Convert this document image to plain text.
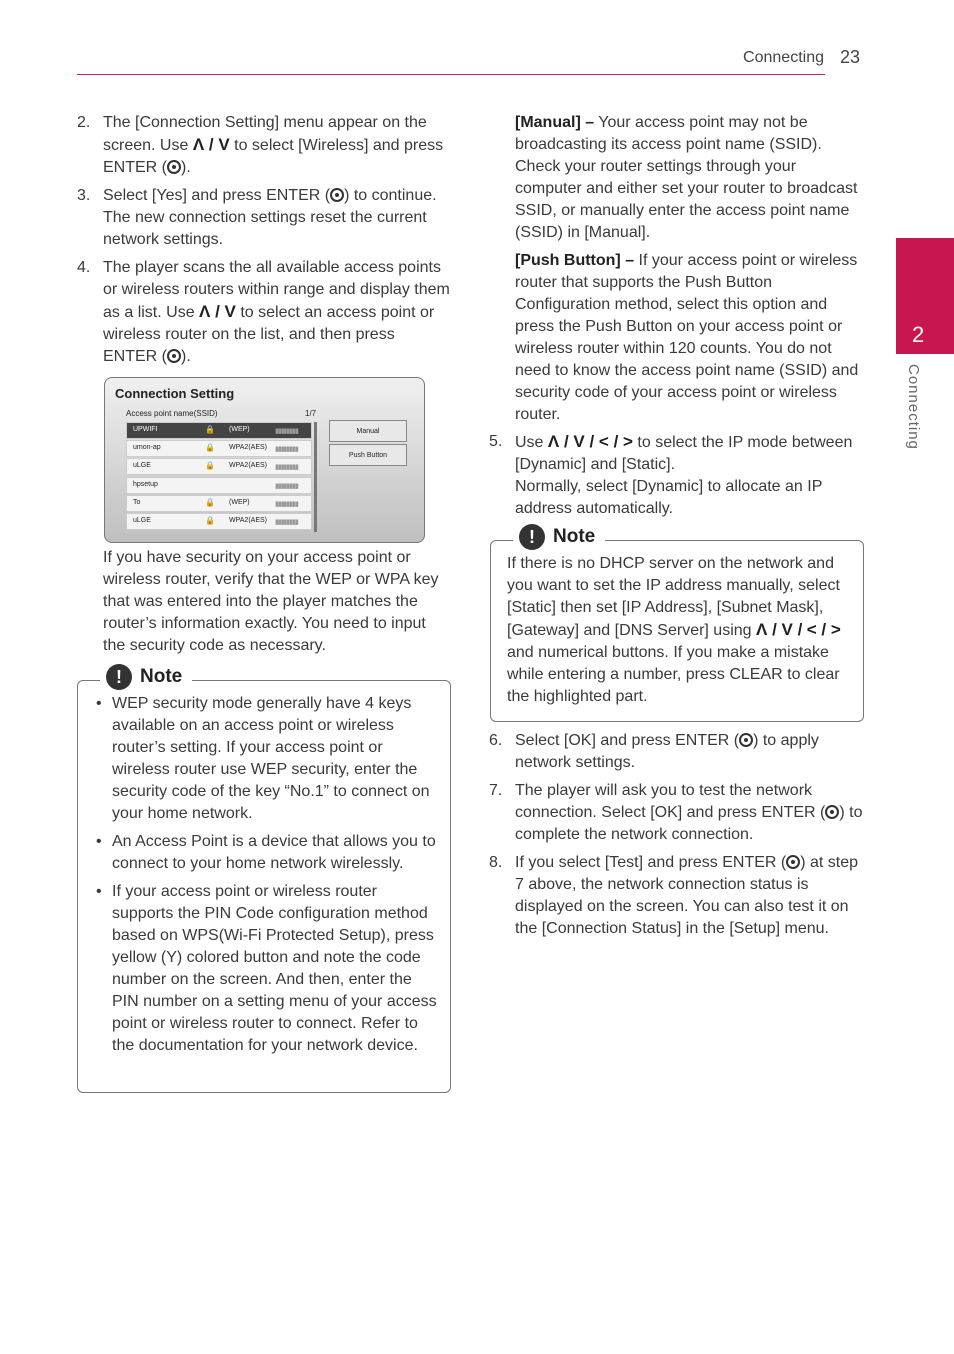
Connecting 23
2
Connecting
2. The [Connection Setting] menu appear on the screen. Use Λ / V to select [Wireless] and press ENTER ( ).
3. Select [Yes] and press ENTER ( ) to continue. The new connection settings reset the current network settings.
4. The player scans the all available access points or wireless routers within range and display them as a list. Use Λ / V to select an access point or wireless router on the list, and then press ENTER ( ).
Connection Setting
Access point name(SSID)	1/7
UPWIFI	🔒 (WEP)	▮▮▮▮▮▮▮▮
umon-ap	🔒 WPA2(AES) ▮▮▮▮▮▮▮▮
uLGE	🔒 WPA2(AES) ▮▮▮▮▮▮▮▮
hpsetup	▮▮▮▮▮▮▮▮
To	🔒 (WEP)	▮▮▮▮▮▮▮▮
uLGE	🔒 WPA2(AES) ▮▮▮▮▮▮▮▮
Manual
Push Button
If you have security on your access point or wireless router, verify that the WEP or WPA key that was entered into the player matches the router’s information exactly. You need to input the security code as necessary.
! Note
• WEP security mode generally have 4 keys available on an access point or wireless router’s setting. If your access point or wireless router use WEP security, enter the security code of the key “No.1” to connect on your home network.
• An Access Point is a device that allows you to connect to your home network wirelessly.
• If your access point or wireless router supports the PIN Code configuration method based on WPS(Wi-Fi Protected Setup), press yellow (Y) colored button and note the code number on the screen. And then, enter the PIN number on a setting menu of your access point or wireless router to connect. Refer to the documentation for your network device.
[Manual] – Your access point may not be broadcasting its access point name (SSID). Check your router settings through your computer and either set your router to broadcast SSID, or manually enter the access point name (SSID) in [Manual].
[Push Button] – If your access point or wireless router that supports the Push Button Configuration method, select this option and press the Push Button on your access point or wireless router within 120 counts. You do not need to know the access point name (SSID) and security code of your access point or wireless router.
5. Use Λ / V / < / > to select the IP mode between [Dynamic] and [Static].
Normally, select [Dynamic] to allocate an IP address automatically.
! Note
If there is no DHCP server on the network and you want to set the IP address manually, select [Static] then set [IP Address], [Subnet Mask], [Gateway] and [DNS Server] using Λ / V / < / > and numerical buttons. If you make a mistake while entering a number, press CLEAR to clear the highlighted part.
6. Select [OK] and press ENTER ( ) to apply network settings.
7. The player will ask you to test the network connection. Select [OK] and press ENTER ( ) to complete the network connection.
8. If you select [Test] and press ENTER ( ) at step 7 above, the network connection status is displayed on the screen. You can also test it on the [Connection Status] in the [Setup] menu.
